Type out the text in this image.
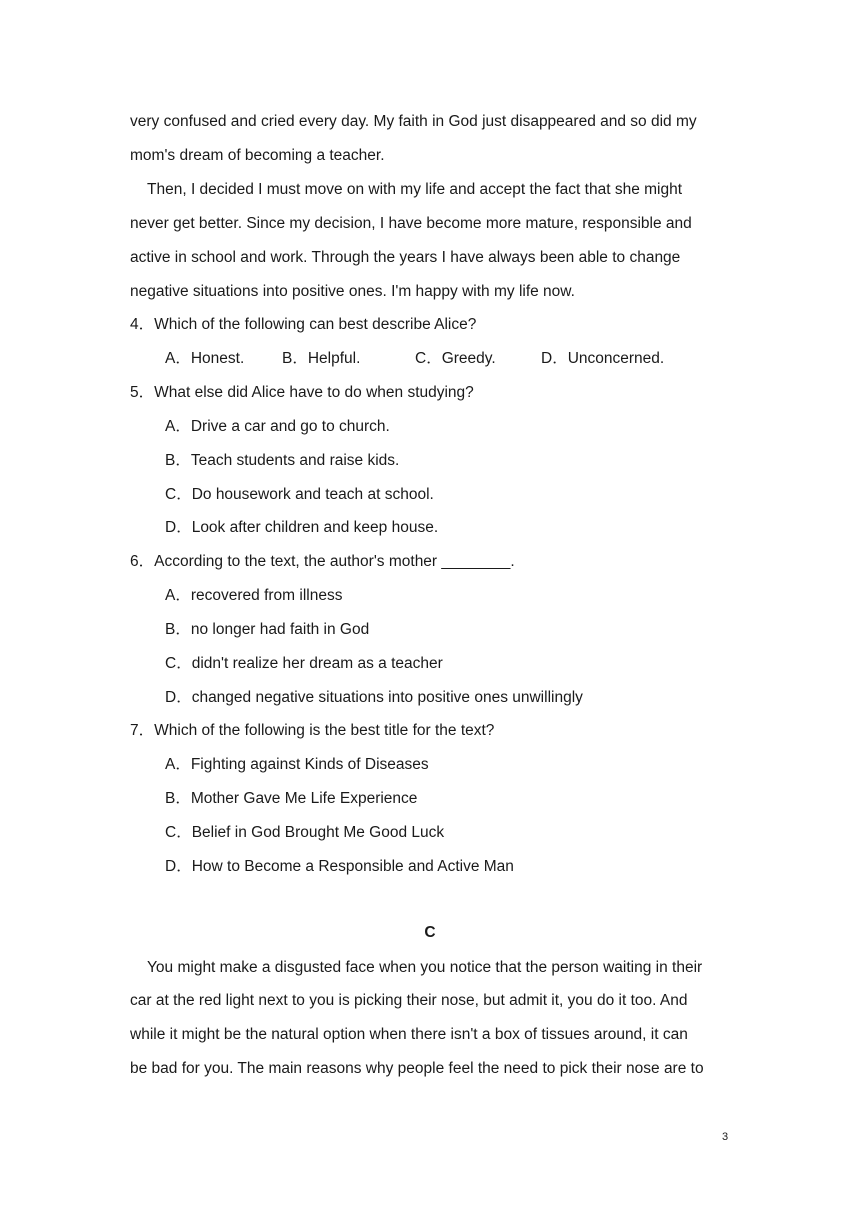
very confused and cried every day. My faith in God just disappeared and so did my
mom's dream of becoming a teacher.
Then, I decided I must move on with my life and accept the fact that she might
never get better. Since my decision, I have become more mature, responsible and
active in school and work. Through the years I have always been able to change
negative situations into positive ones. I'm happy with my life now.
4．Which of the following can best describe Alice?
A．Honest.	B．Helpful.	C．Greedy.	D．Unconcerned.
5．What else did Alice have to do when studying?
A．Drive a car and go to church.
B．Teach students and raise kids.
C．Do housework and teach at school.
D．Look after children and keep house.
6．According to the text, the author's mother ________.
A．recovered from illness
B．no longer had faith in God
C．didn't realize her dream as a teacher
D．changed negative situations into positive ones unwillingly
7．Which of the following is the best title for the text?
A．Fighting against Kinds of Diseases
B．Mother Gave Me Life Experience
C．Belief in God Brought Me Good Luck
D．How to Become a Responsible and Active Man
C
You might make a disgusted face when you notice that the person waiting in their
car at the red light next to you is picking their nose, but admit it, you do it too. And
while it might be the natural option when there isn't a box of tissues around, it can
be bad for you. The main reasons why people feel the need to pick their nose are to
3
